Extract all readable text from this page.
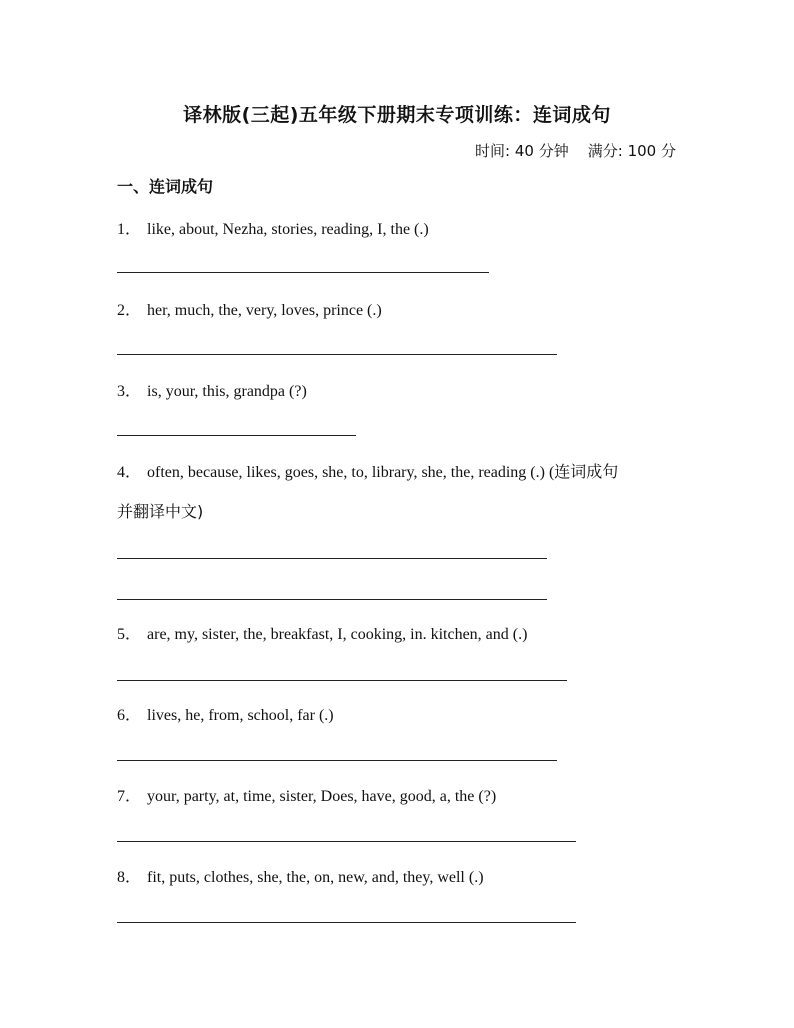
译林版(三起)五年级下册期末专项训练：连词成句
时间: 40 分钟    满分: 100 分
一、连词成句
1． like, about, Nezha, stories, reading, I, the (.)
2． her, much, the, very, loves, prince (.)
3． is, your, this, grandpa (?)
4． often, because, likes, goes, she, to, library, she, the, reading (.) (连词成句
并翻译中文)
5． are, my, sister, the, breakfast, I, cooking, in. kitchen, and (.)
6． lives, he, from, school, far (.)
7． your, party, at, time, sister, Does, have, good, a, the (?)
8． fit, puts, clothes, she, the, on, new, and, they, well (.)
